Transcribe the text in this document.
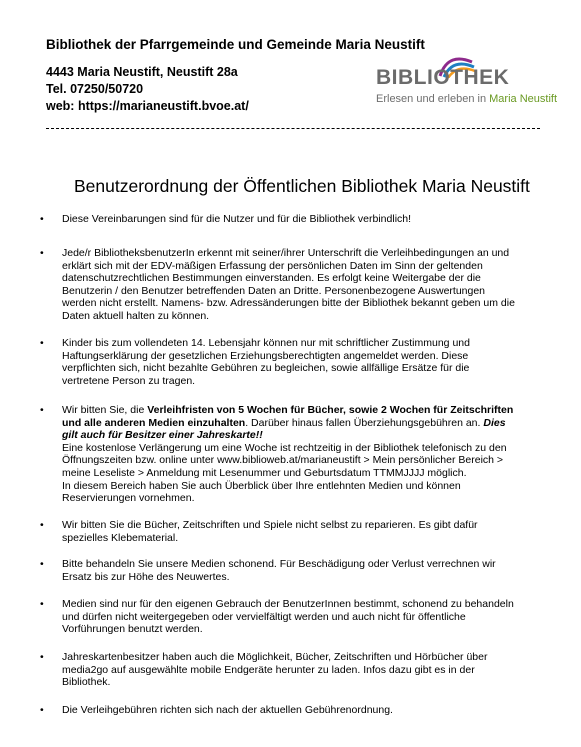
Bibliothek der Pfarrgemeinde und Gemeinde Maria Neustift
4443 Maria Neustift, Neustift 28a
Tel. 07250/50720
web: https://marianeustift.bvoe.at/
BIBLIOTHEK
Erlesen und erleben in Maria Neustift
Benutzerordnung der Öffentlichen Bibliothek Maria Neustift
• Diese Vereinbarungen sind für die Nutzer und für die Bibliothek verbindlich!
• Jede/r BibliotheksbenutzerIn erkennt mit seiner/ihrer Unterschrift die Verleihbedingungen an und
erklärt sich mit der EDV-mäßigen Erfassung der persönlichen Daten im Sinn der geltenden
datenschutzrechtlichen Bestimmungen einverstanden. Es erfolgt keine Weitergabe der die
Benutzerin / den Benutzer betreffenden Daten an Dritte. Personenbezogene Auswertungen
werden nicht erstellt. Namens- bzw. Adressänderungen bitte der Bibliothek bekannt geben um die
Daten aktuell halten zu können.
• Kinder bis zum vollendeten 14. Lebensjahr können nur mit schriftlicher Zustimmung und
Haftungserklärung der gesetzlichen Erziehungsberechtigten angemeldet werden. Diese
verpflichten sich, nicht bezahlte Gebühren zu begleichen, sowie allfällige Ersätze für die
vertretene Person zu tragen.
• Wir bitten Sie, die Verleihfristen von 5 Wochen für Bücher, sowie 2 Wochen für Zeitschriften
und alle anderen Medien einzuhalten. Darüber hinaus fallen Überziehungsgebühren an. Dies
gilt auch für Besitzer einer Jahreskarte!!
Eine kostenlose Verlängerung um eine Woche ist rechtzeitig in der Bibliothek telefonisch zu den
Öffnungszeiten bzw. online unter www.biblioweb.at/marianeustift > Mein persönlicher Bereich >
meine Leseliste > Anmeldung mit Lesenummer und Geburtsdatum TTMMJJJJ möglich.
In diesem Bereich haben Sie auch Überblick über Ihre entlehnten Medien und können
Reservierungen vornehmen.
• Wir bitten Sie die Bücher, Zeitschriften und Spiele nicht selbst zu reparieren. Es gibt dafür
spezielles Klebematerial.
• Bitte behandeln Sie unsere Medien schonend. Für Beschädigung oder Verlust verrechnen wir
Ersatz bis zur Höhe des Neuwertes.
• Medien sind nur für den eigenen Gebrauch der BenutzerInnen bestimmt, schonend zu behandeln
und dürfen nicht weitergegeben oder vervielfältigt werden und auch nicht für öffentliche
Vorführungen benutzt werden.
• Jahreskartenbesitzer haben auch die Möglichkeit, Bücher, Zeitschriften und Hörbücher über
media2go auf ausgewählte mobile Endgeräte herunter zu laden. Infos dazu gibt es in der
Bibliothek.
• Die Verleihgebühren richten sich nach der aktuellen Gebührenordnung.
